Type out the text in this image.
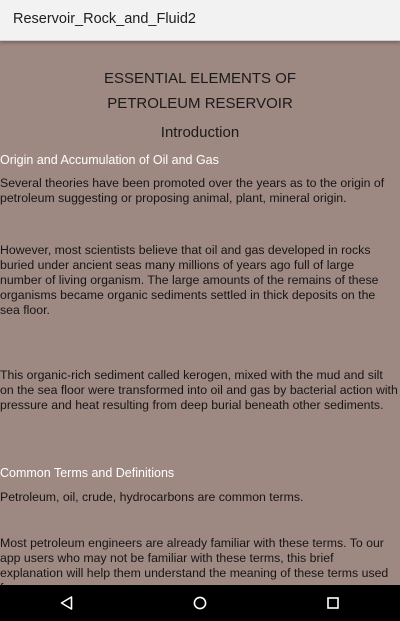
Reservoir_Rock_and_Fluid2
ESSENTIAL ELEMENTS OF
PETROLEUM RESERVOIR
Introduction
Origin and Accumulation of Oil and Gas
Several theories have been promoted over the years as to the origin of petroleum suggesting or proposing animal, plant, mineral origin.
However, most scientists believe that oil and gas developed in rocks buried under ancient seas many millions of years ago full of large number of living organism. The large amounts of the remains of these organisms became organic sediments settled in thick deposits on the sea floor.
This organic-rich sediment called kerogen, mixed with the mud and silt on the sea floor were transformed into oil and gas by bacterial action with pressure and heat resulting from deep burial beneath other sediments.
Common Terms and Definitions
Petroleum, oil, crude, hydrocarbons are common terms.
Most petroleum engineers are already familiar with these terms. To our app users who may not be familiar with these terms, this brief explanation will help them understand the meaning of these terms used
